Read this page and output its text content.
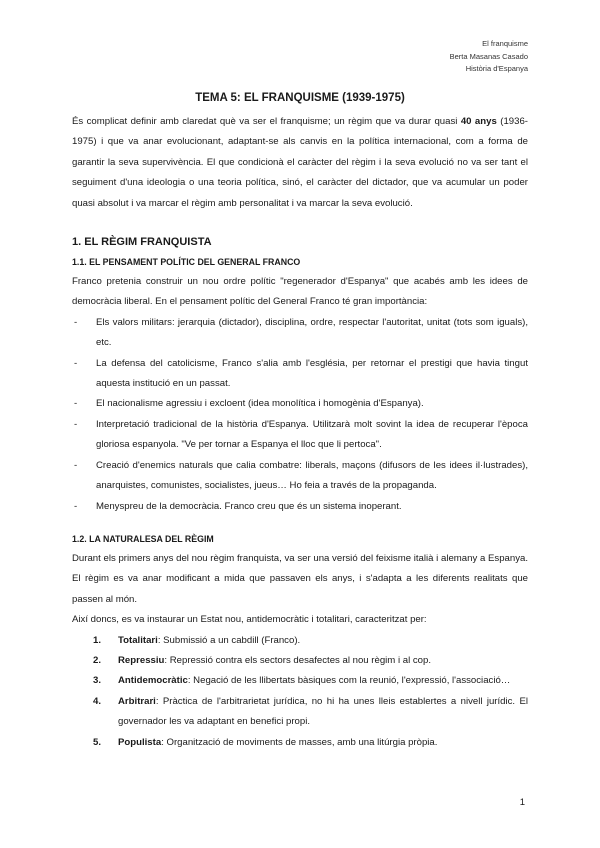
El franquisme
Berta Masanas Casado
Història d'Espanya
TEMA 5: EL FRANQUISME (1939-1975)

És complicat definir amb claredat què va ser el franquisme; un règim que va durar quasi 40 anys (1936-1975) i que va anar evolucionant, adaptant-se als canvis en la política internacional, com a forma de garantir la seva supervivència. El que condicionà el caràcter del règim i la seva evolució no va ser tant el seguiment d'una ideologia o una teoria política, sinó, el caràcter del dictador, que va acumular un poder quasi absolut i va marcar el règim amb personalitat i va marcar la seva evolució.

1. EL RÈGIM FRANQUISTA
1.1. EL PENSAMENT POLÍTIC DEL GENERAL FRANCO

Franco pretenia construir un nou ordre polític "regenerador d'Espanya" que acabés amb les idees de democràcia liberal. En el pensament polític del General Franco té gran importància:

- Els valors militars: jerarquia (dictador), disciplina, ordre, respectar l'autoritat, unitat (tots som iguals), etc.
- La defensa del catolicisme, Franco s'alia amb l'església, per retornar el prestigi que havia tingut aquesta institució en un passat.
- El nacionalisme agressiu i excloent (idea monolítica i homogènia d'Espanya).
- Interpretació tradicional de la història d'Espanya. Utilitzarà molt sovint la idea de recuperar l'època gloriosa espanyola. "Ve per tornar a Espanya el lloc que li pertoca".
- Creació d'enemics naturals que calia combatre: liberals, maçons (difusors de les idees il·lustrades), anarquistes, comunistes, socialistes, jueus… Ho feia a través de la propaganda.
- Menyspreu de la democràcia. Franco creu que és un sistema inoperant.
1.2. LA NATURALESA DEL RÈGIM

Durant els primers anys del nou règim franquista, va ser una versió del feixisme italià i alemany a Espanya. El règim es va anar modificant a mida que passaven els anys, i s'adapta a les diferents realitats que passen al món.

Així doncs, es va instaurar un Estat nou, antidemocràtic i totalitari, caracteritzat per:

1. Totalitari: Submissió a un cabdill (Franco).
2. Repressiu: Repressió contra els sectors desafectes al nou règim i al cop.
3. Antidemocràtic: Negació de les llibertats bàsiques com la reunió, l'expressió, l'associació…
4. Arbitrari: Pràctica de l'arbitrarietat jurídica, no hi ha unes lleis establertes a nivell jurídic. El governador les va adaptant en benefici propi.
5. Populista: Organització de moviments de masses, amb una litúrgia pròpia.
1
